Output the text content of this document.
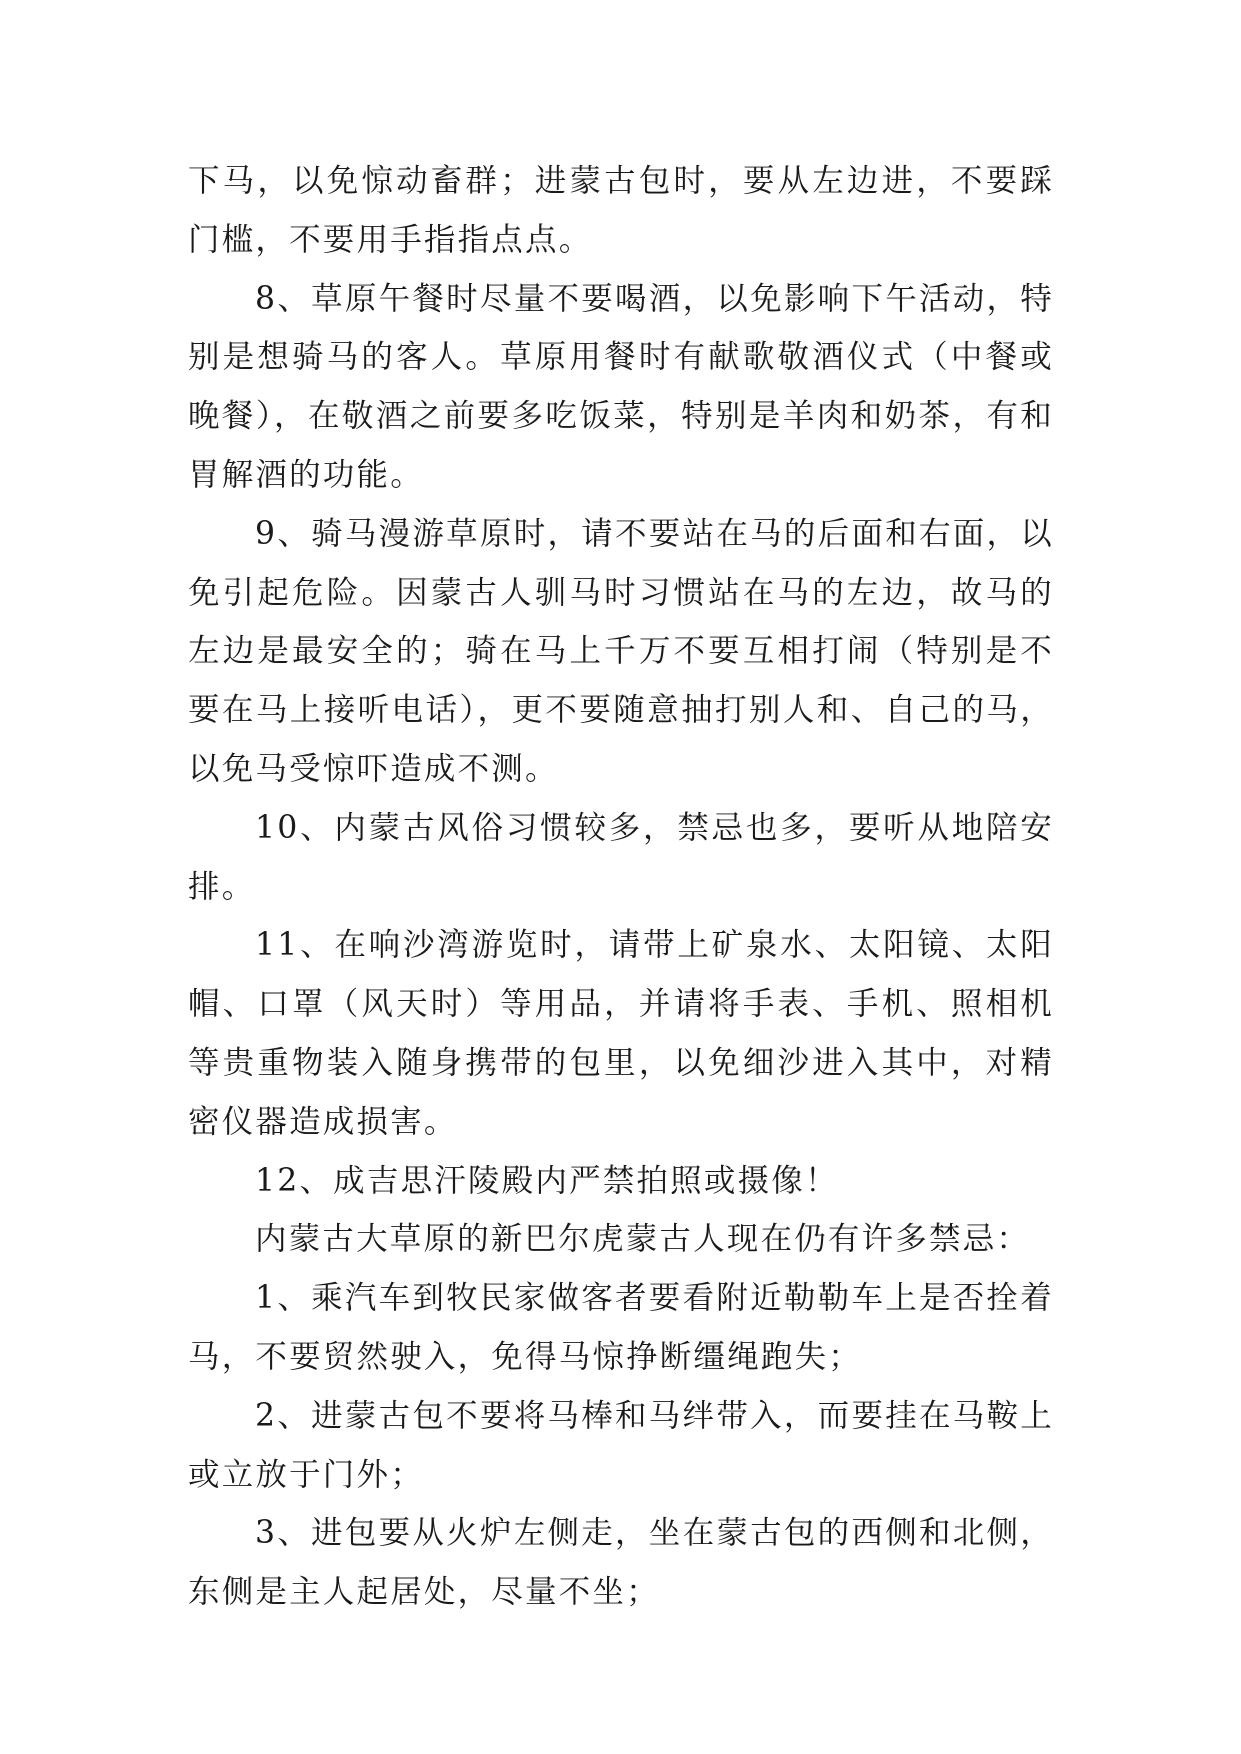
下马，以免惊动畜群；进蒙古包时，要从左边进，不要踩门槛，不要用手指指点点。

8、草原午餐时尽量不要喝酒，以免影响下午活动，特别是想骑马的客人。草原用餐时有献歌敬酒仪式（中餐或晚餐），在敬酒之前要多吃饭菜，特别是羊肉和奶茶，有和胃解酒的功能。

9、骑马漫游草原时，请不要站在马的后面和右面，以免引起危险。因蒙古人驯马时习惯站在马的左边，故马的左边是最安全的；骑在马上千万不要互相打闹（特别是不要在马上接听电话），更不要随意抽打别人和、自己的马，以免马受惊吓造成不测。

10、内蒙古风俗习惯较多，禁忌也多，要听从地陪安排。

11、在响沙湾游览时，请带上矿泉水、太阳镜、太阳帽、口罩（风天时）等用品，并请将手表、手机、照相机等贵重物装入随身携带的包里，以免细沙进入其中，对精密仪器造成损害。

12、成吉思汗陵殿内严禁拍照或摄像！

内蒙古大草原的新巴尔虎蒙古人现在仍有许多禁忌：

1、乘汽车到牧民家做客者要看附近勒勒车上是否拴着马，不要贸然驶入，免得马惊挣断缰绳跑失；

2、进蒙古包不要将马棒和马绊带入，而要挂在马鞍上或立放于门外；

3、进包要从火炉左侧走，坐在蒙古包的西侧和北侧，东侧是主人起居处，尽量不坐；
